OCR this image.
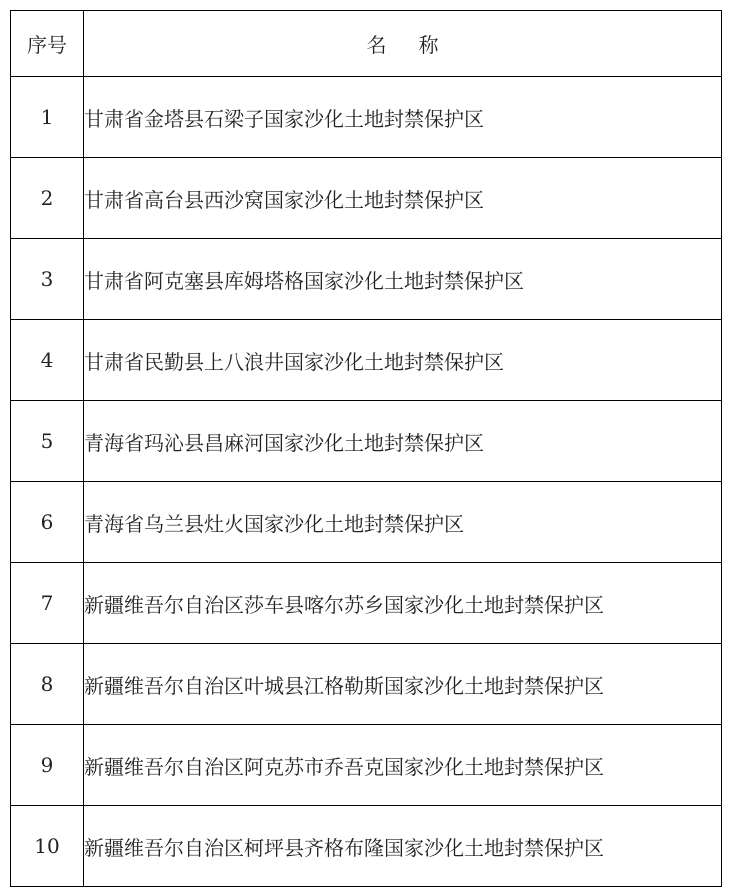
序号	名称
1	甘肃省金塔县石梁子国家沙化土地封禁保护区
2	甘肃省高台县西沙窝国家沙化土地封禁保护区
3	甘肃省阿克塞县库姆塔格国家沙化土地封禁保护区
4	甘肃省民勤县上八浪井国家沙化土地封禁保护区
5	青海省玛沁县昌麻河国家沙化土地封禁保护区
6	青海省乌兰县灶火国家沙化土地封禁保护区
7	新疆维吾尔自治区莎车县喀尔苏乡国家沙化土地封禁保护区
8	新疆维吾尔自治区叶城县江格勒斯国家沙化土地封禁保护区
9	新疆维吾尔自治区阿克苏市乔吾克国家沙化土地封禁保护区
10	新疆维吾尔自治区柯坪县齐格布隆国家沙化土地封禁保护区
